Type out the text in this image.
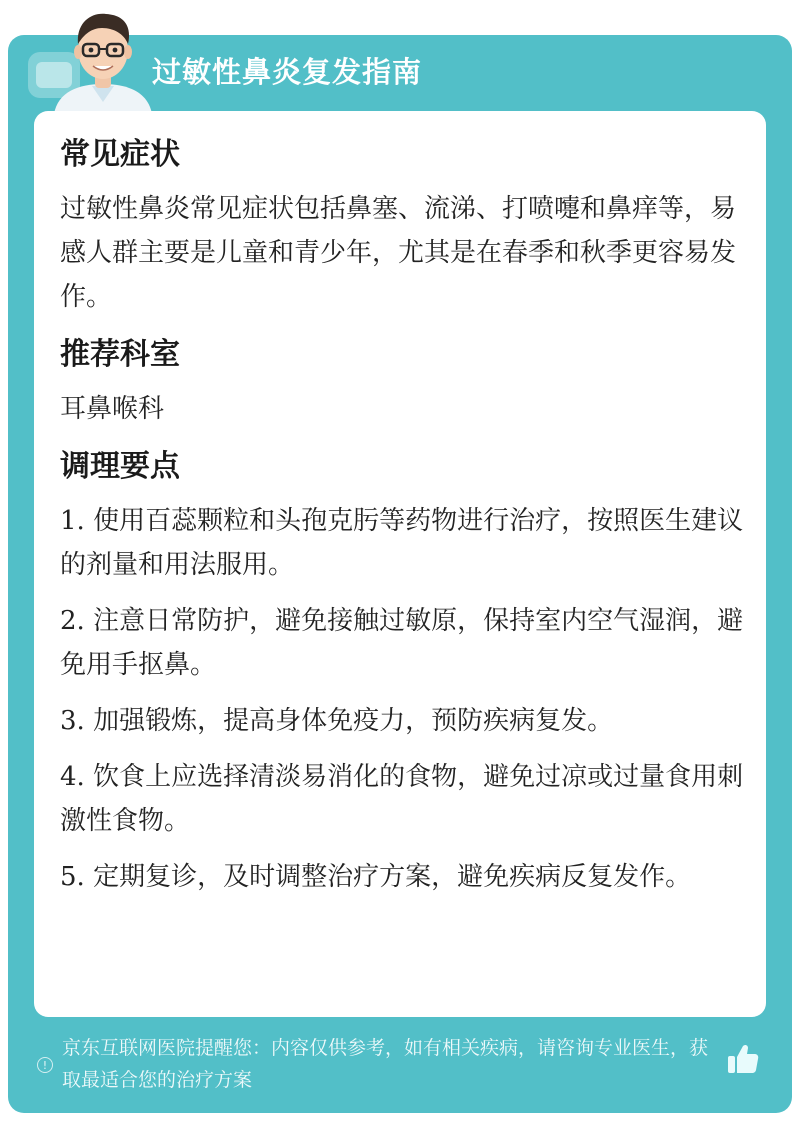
过敏性鼻炎复发指南
常见症状
过敏性鼻炎常见症状包括鼻塞、流涕、打喷嚏和鼻痒等，易感人群主要是儿童和青少年，尤其是在春季和秋季更容易发作。
推荐科室
耳鼻喉科
调理要点
1. 使用百蕊颗粒和头孢克肟等药物进行治疗，按照医生建议的剂量和用法服用。
2. 注意日常防护，避免接触过敏原，保持室内空气湿润，避免用手抠鼻。
3. 加强锻炼，提高身体免疫力，预防疾病复发。
4. 饮食上应选择清淡易消化的食物，避免过凉或过量食用刺激性食物。
5. 定期复诊，及时调整治疗方案，避免疾病反复发作。
!
京东互联网医院提醒您：内容仅供参考，如有相关疾病，请咨询专业医生，获取最适合您的治疗方案
